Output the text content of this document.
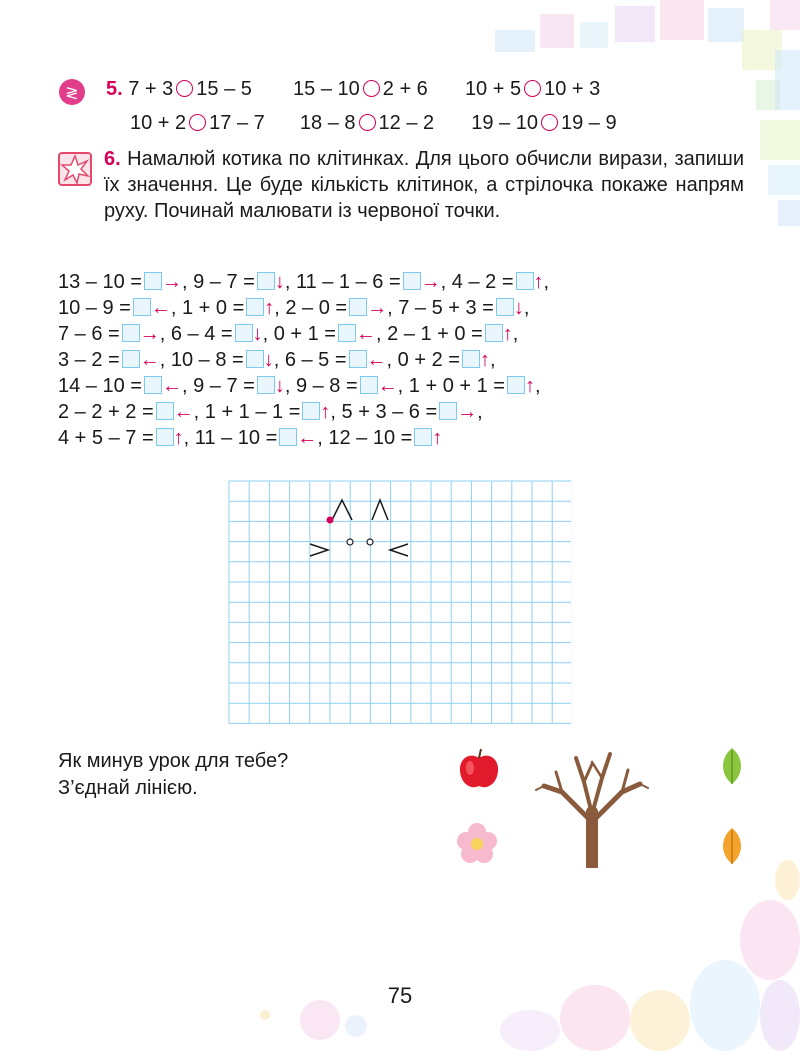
≷ 5. 7 + 3 15 – 5 15 – 10 2 + 6 10 + 5 10 + 3
10 + 2 17 – 7 18 – 8 12 – 2 19 – 10 19 – 9
6. Намалюй котика по клітинках. Для цього обчисли вирази, запиши їх значення. Це буде кількість клітинок, а стрілочка покаже напрям руху. Починай малювати із червоної точки.
13 – 10 = →, 9 – 7 = ↓, 11 – 1 – 6 = →, 4 – 2 = ↑,
10 – 9 = ←, 1 + 0 = ↑, 2 – 0 = →, 7 – 5 + 3 = ↓,
7 – 6 = →, 6 – 4 = ↓, 0 + 1 = ←, 2 – 1 + 0 = ↑,
3 – 2 = ←, 10 – 8 = ↓, 6 – 5 = ←, 0 + 2 = ↑,
14 – 10 = ←, 9 – 7 = ↓, 9 – 8 = ←, 1 + 0 + 1 = ↑,
2 – 2 + 2 = ←, 1 + 1 – 1 = ↑, 5 + 3 – 6 = →,
4 + 5 – 7 = ↑, 11 – 10 = ←, 12 – 10 = ↑
Як минув урок для тебе?
З’єднай лінією.
75
